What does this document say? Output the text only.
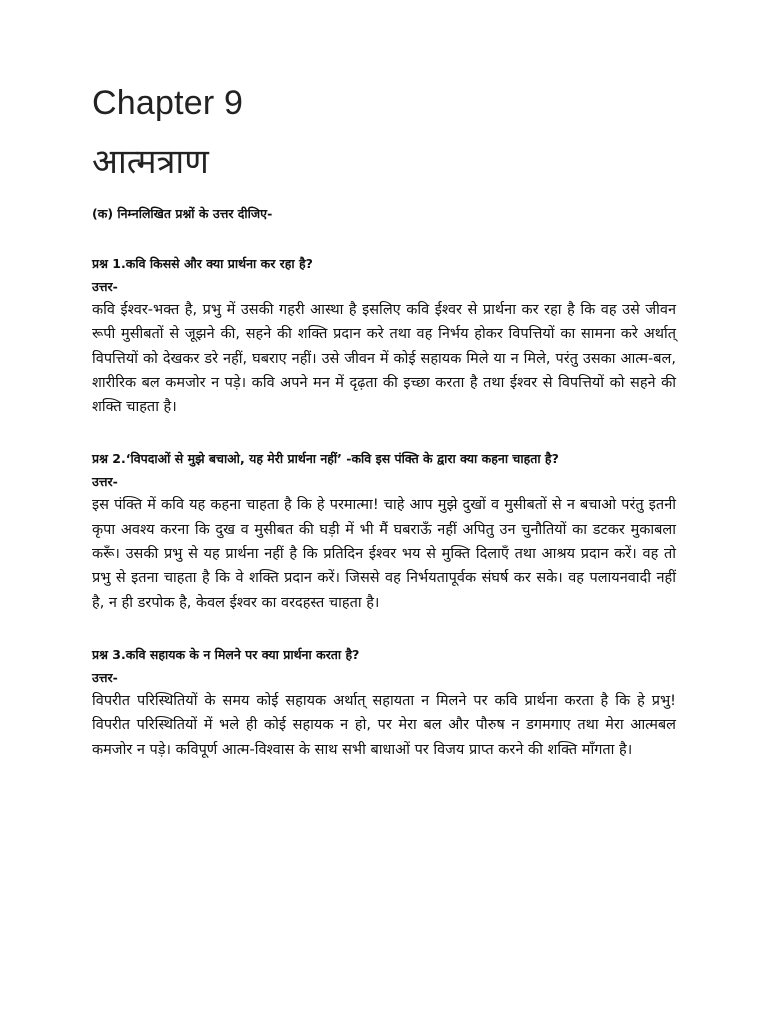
Chapter 9
आत्मत्राण

(क) निम्नलिखित प्रश्नों के उत्तर दीजिए-

प्रश्न 1.कवि किससे और क्या प्रार्थना कर रहा है?

उत्तर-

कवि ईश्वर-भक्त है, प्रभु में उसकी गहरी आस्था है इसलिए कवि ईश्वर से प्रार्थना कर रहा है कि वह उसे जीवन रूपी मुसीबतों से जूझने की, सहने की शक्ति प्रदान करे तथा वह निर्भय होकर विपत्तियों का सामना करे अर्थात् विपत्तियों को देखकर डरे नहीं, घबराए नहीं। उसे जीवन में कोई सहायक मिले या न मिले, परंतु उसका आत्म-बल, शारीरिक बल कमजोर न पड़े। कवि अपने मन में दृढ़ता की इच्छा करता है तथा ईश्वर से विपत्तियों को सहने की शक्ति चाहता है।

प्रश्न 2.‘विपदाओं से मुझे बचाओ, यह मेरी प्रार्थना नहीं’ -कवि इस पंक्ति के द्वारा क्या कहना चाहता है?

उत्तर-

इस पंक्ति में कवि यह कहना चाहता है कि हे परमात्मा! चाहे आप मुझे दुखों व मुसीबतों से न बचाओ परंतु इतनी कृपा अवश्य करना कि दुख व मुसीबत की घड़ी में भी मैं घबराऊँ नहीं अपितु उन चुनौतियों का डटकर मुकाबला करूँ। उसकी प्रभु से यह प्रार्थना नहीं है कि प्रतिदिन ईश्वर भय से मुक्ति दिलाएँ तथा आश्रय प्रदान करें। वह तो प्रभु से इतना चाहता है कि वे शक्ति प्रदान करें। जिससे वह निर्भयतापूर्वक संघर्ष कर सके। वह पलायनवादी नहीं है, न ही डरपोक है, केवल ईश्वर का वरदहस्त चाहता है।

प्रश्न 3.कवि सहायक के न मिलने पर क्या प्रार्थना करता है?

उत्तर-

विपरीत परिस्थितियों के समय कोई सहायक अर्थात् सहायता न मिलने पर कवि प्रार्थना करता है कि हे प्रभु! विपरीत परिस्थितियों में भले ही कोई सहायक न हो, पर मेरा बल और पौरुष न डगमगाए तथा मेरा आत्मबल कमजोर न पड़े। कविपूर्ण आत्म-विश्वास के साथ सभी बाधाओं पर विजय प्राप्त करने की शक्ति माँगता है।
